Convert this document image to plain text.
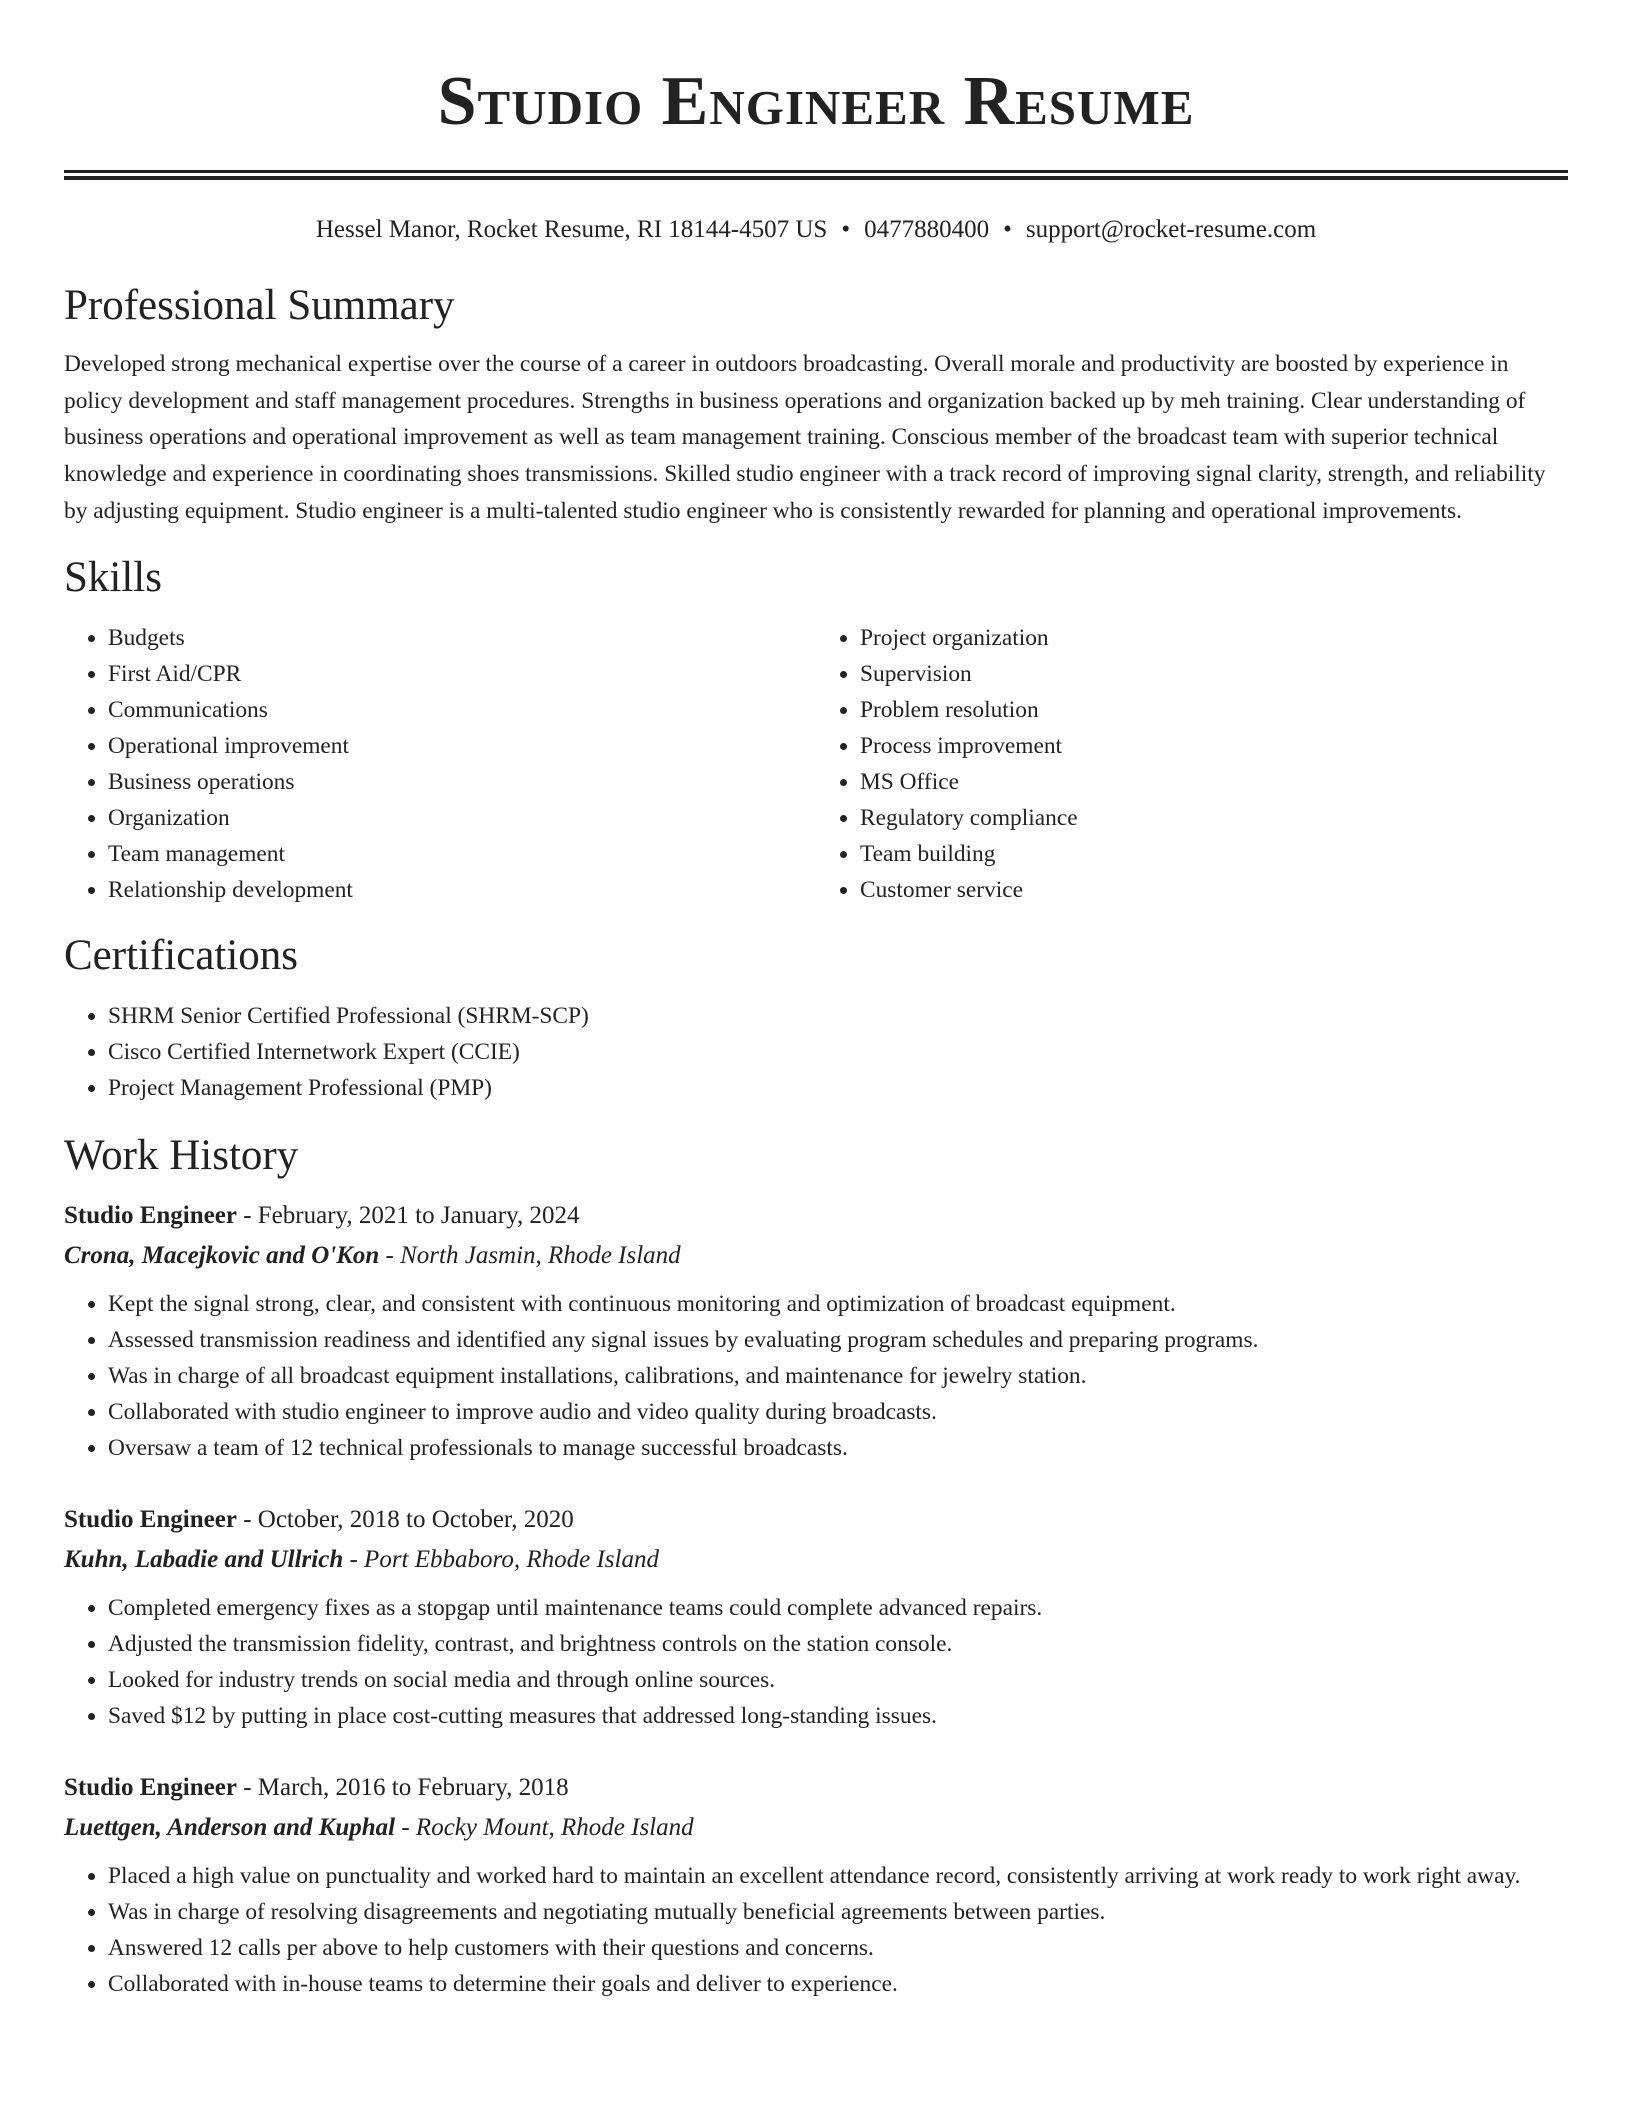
Studio Engineer Resume
Hessel Manor, Rocket Resume, RI 18144-4507 US • 0477880400 • support@rocket-resume.com
Professional Summary

Developed strong mechanical expertise over the course of a career in outdoors broadcasting. Overall morale and productivity are boosted by experience in policy development and staff management procedures. Strengths in business operations and organization backed up by meh training. Clear understanding of business operations and operational improvement as well as team management training. Conscious member of the broadcast team with superior technical knowledge and experience in coordinating shoes transmissions. Skilled studio engineer with a track record of improving signal clarity, strength, and reliability by adjusting equipment. Studio engineer is a multi-talented studio engineer who is consistently rewarded for planning and operational improvements.

Skills
• Budgets
• First Aid/CPR
• Communications
• Operational improvement
• Business operations
• Organization
• Team management
• Relationship development
• Project organization
• Supervision
• Problem resolution
• Process improvement
• MS Office
• Regulatory compliance
• Team building
• Customer service
Certifications
• SHRM Senior Certified Professional (SHRM-SCP)
• Cisco Certified Internetwork Expert (CCIE)
• Project Management Professional (PMP)
Work History
Studio Engineer - February, 2021 to January, 2024
Crona, Macejkovic and O'Kon - North Jasmin, Rhode Island
• Kept the signal strong, clear, and consistent with continuous monitoring and optimization of broadcast equipment.
• Assessed transmission readiness and identified any signal issues by evaluating program schedules and preparing programs.
• Was in charge of all broadcast equipment installations, calibrations, and maintenance for jewelry station.
• Collaborated with studio engineer to improve audio and video quality during broadcasts.
• Oversaw a team of 12 technical professionals to manage successful broadcasts.
Studio Engineer - October, 2018 to October, 2020
Kuhn, Labadie and Ullrich - Port Ebbaboro, Rhode Island
• Completed emergency fixes as a stopgap until maintenance teams could complete advanced repairs.
• Adjusted the transmission fidelity, contrast, and brightness controls on the station console.
• Looked for industry trends on social media and through online sources.
• Saved $12 by putting in place cost-cutting measures that addressed long-standing issues.
Studio Engineer - March, 2016 to February, 2018
Luettgen, Anderson and Kuphal - Rocky Mount, Rhode Island
• Placed a high value on punctuality and worked hard to maintain an excellent attendance record, consistently arriving at work ready to work right away.
• Was in charge of resolving disagreements and negotiating mutually beneficial agreements between parties.
• Answered 12 calls per above to help customers with their questions and concerns.
• Collaborated with in-house teams to determine their goals and deliver to experience.
